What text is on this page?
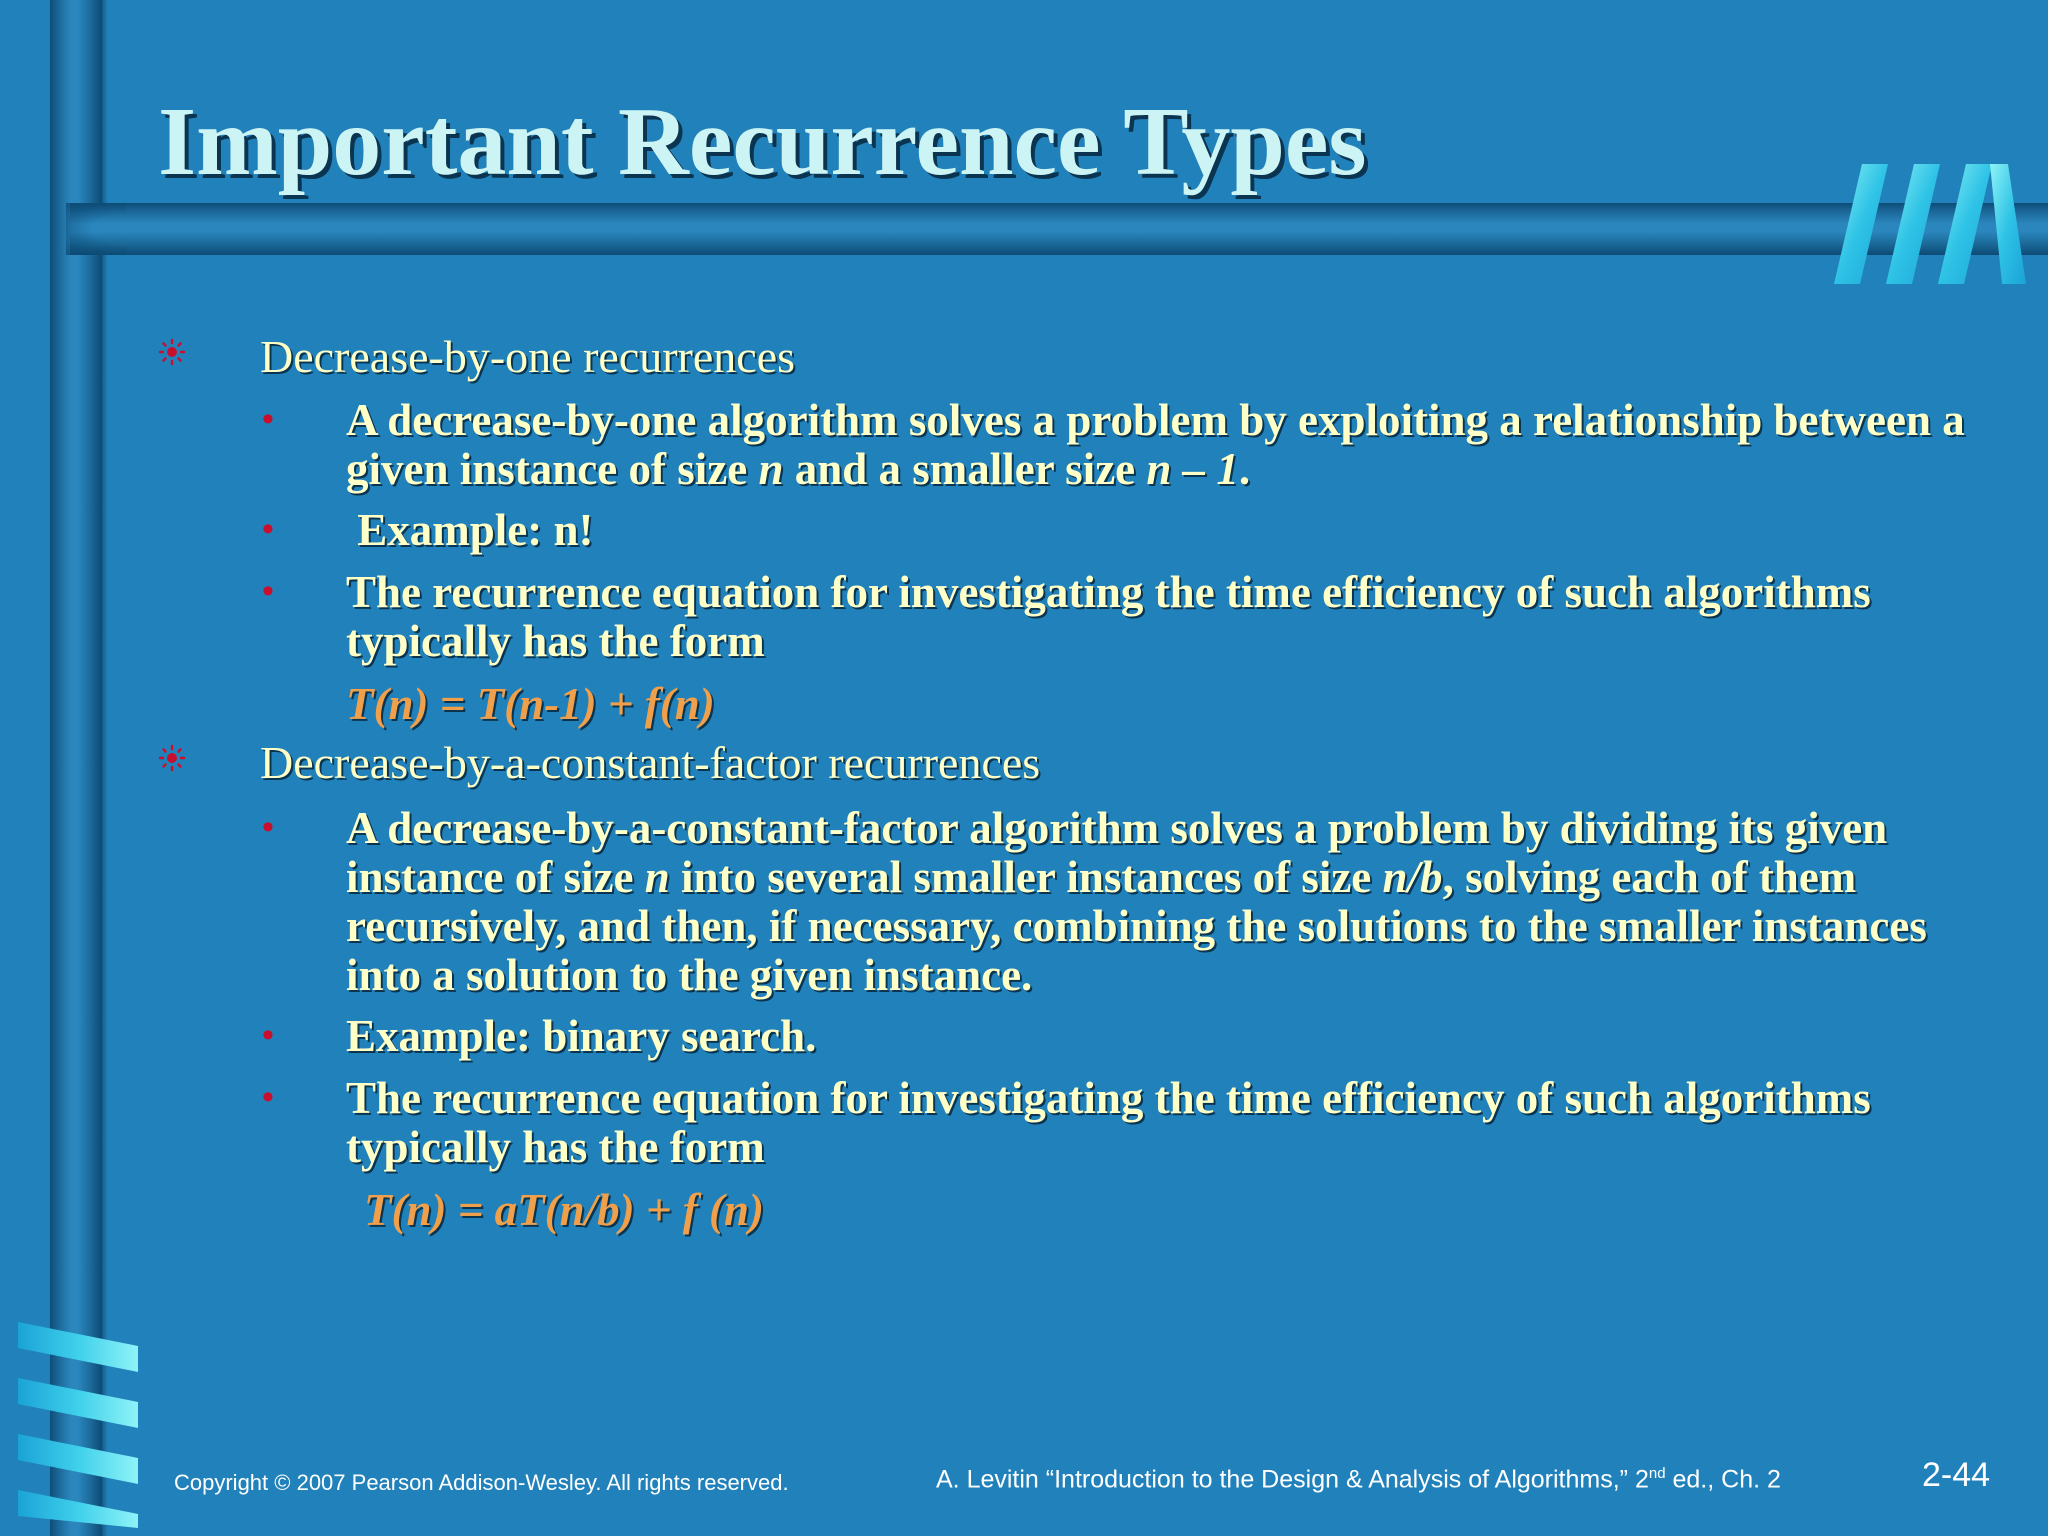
Important Recurrence Types
Decrease-by-one recurrences
• A decrease-by-one algorithm solves a problem by exploiting a relationship between a given instance of size n and a smaller size n – 1.
• Example: n!
• The recurrence equation for investigating the time efficiency of such algorithms typically has the form
T(n) = T(n-1) + f(n)
Decrease-by-a-constant-factor recurrences
• A decrease-by-a-constant-factor algorithm solves a problem by dividing its given instance of size n into several smaller instances of size n/b, solving each of them recursively, and then, if necessary, combining the solutions to the smaller instances into a solution to the given instance.
• Example: binary search.
• The recurrence equation for investigating the time efficiency of such algorithms typically has the form
T(n) = aT(n/b) + f (n)
Copyright © 2007 Pearson Addison-Wesley. All rights reserved.	A. Levitin “Introduction to the Design & Analysis of Algorithms,” 2nd ed., Ch. 2	2-44
